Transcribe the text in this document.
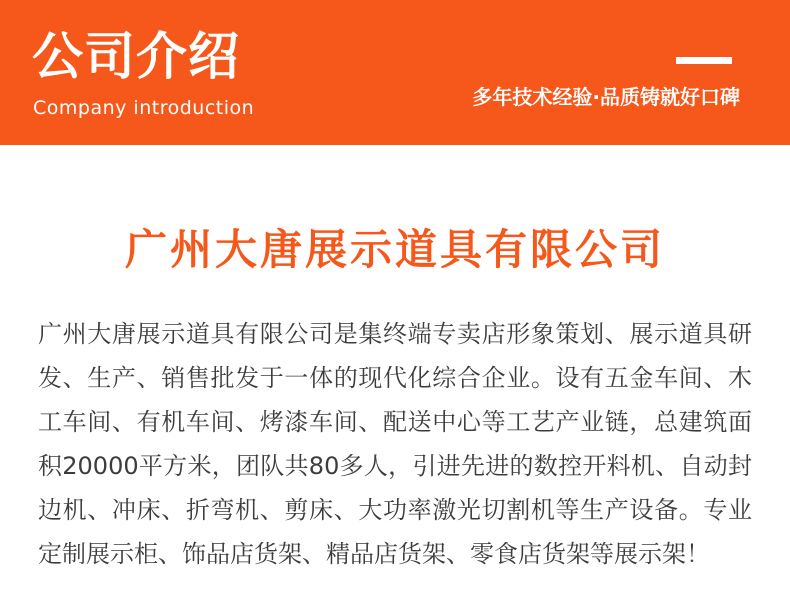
公司介绍
Company introduction	多年技术经验·品质铸就好口碑
广州大唐展示道具有限公司

广州大唐展示道具有限公司是集终端专卖店形象策划、展示道具研发、生产、销售批发于一体的现代化综合企业。设有五金车间、木工车间、有机车间、烤漆车间、配送中心等工艺产业链，总建筑面积20000平方米，团队共80多人，引进先进的数控开料机、自动封边机、冲床、折弯机、剪床、大功率激光切割机等生产设备。专业定制展示柜、饰品店货架、精品店货架、零食店货架等展示架！
